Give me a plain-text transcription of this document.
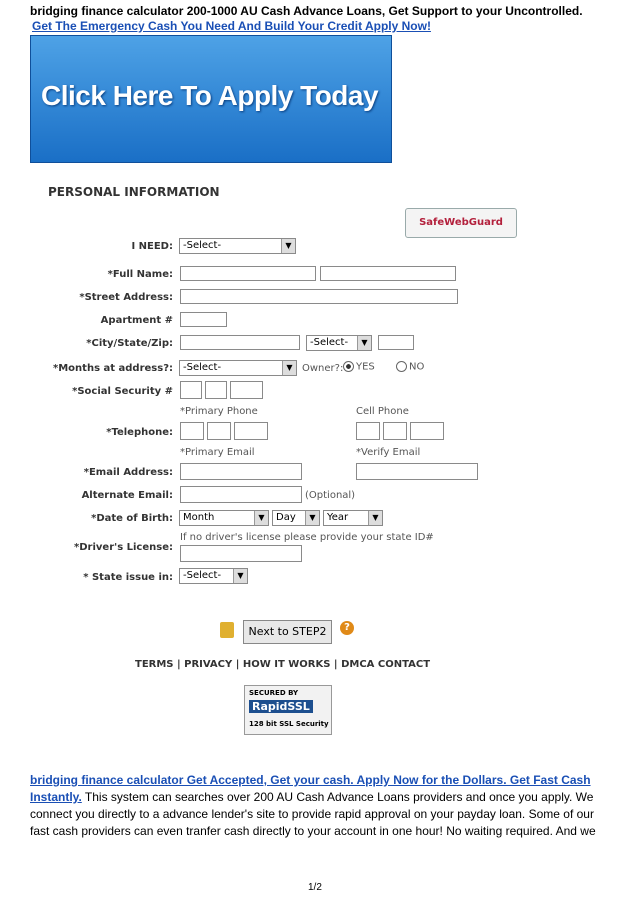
bridging finance calculator 200-1000 AU Cash Advance Loans, Get Support to your Uncontrolled.
Get The Emergency Cash You Need And Build Your Credit Apply Now!
Click Here To Apply Today
PERSONAL INFORMATION
SafeWebGuard
I NEED:	-Select- ▼
*Full Name:
*Street Address:
Apartment #
*City/State/Zip:	-Select- ▼
*Months at address?:	-Select- ▼	Owner?:	YES	NO
*Social Security #
*Primary Phone	Cell Phone
*Telephone:
*Primary Email	*Verify Email
*Email Address:
Alternate Email:	(Optional)
*Date of Birth:	Month ▼	Day ▼	Year ▼
If no driver's license please provide your state ID#
*Driver's License:
* State issue in:	-Select- ▼
Next to STEP2	?
TERMS | PRIVACY | HOW IT WORKS | DMCA CONTACT
SECURED BY
RapidSSL
128 bit SSL Security
bridging finance calculator Get Accepted, Get your cash. Apply Now for the Dollars. Get Fast Cash Instantly. This system can searches over 200 AU Cash Advance Loans providers and once you apply. We connect you directly to a advance lender's site to provide rapid approval on your payday loan. Some of our fast cash providers can even tranfer cash directly to your account in one hour! No waiting required. And we
1/2
